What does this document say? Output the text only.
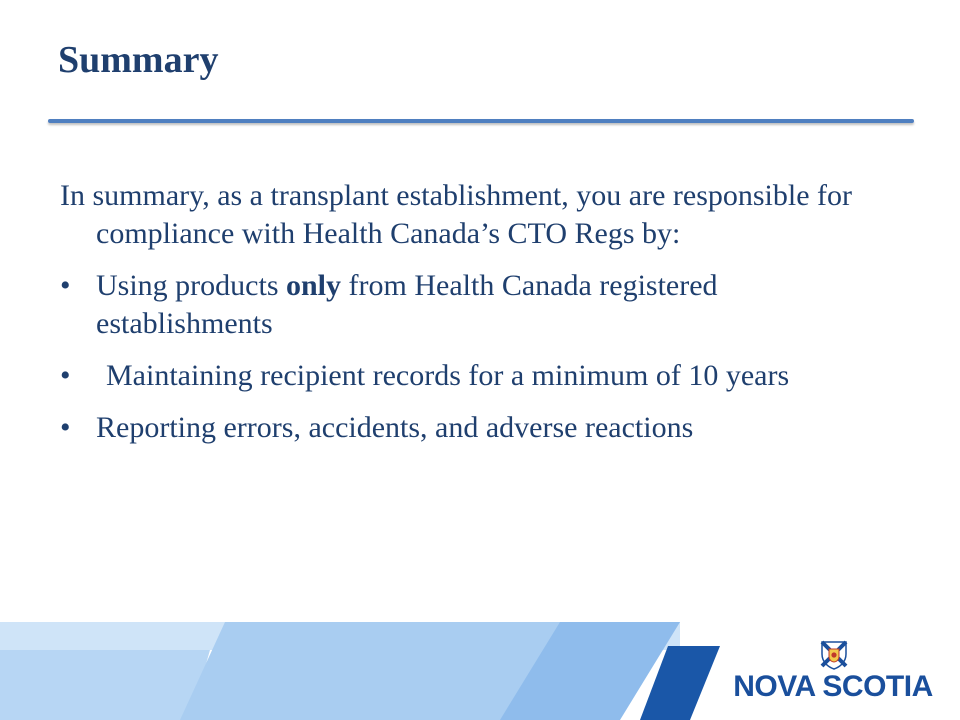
Summary

In summary, as a transplant establishment, you are responsible for compliance with Health Canada’s CTO Regs by:

• Using products only from Health Canada registered establishments
•	Maintaining recipient records for a minimum of 10 years
• Reporting errors, accidents, and adverse reactions
NOVA SCOTIA
